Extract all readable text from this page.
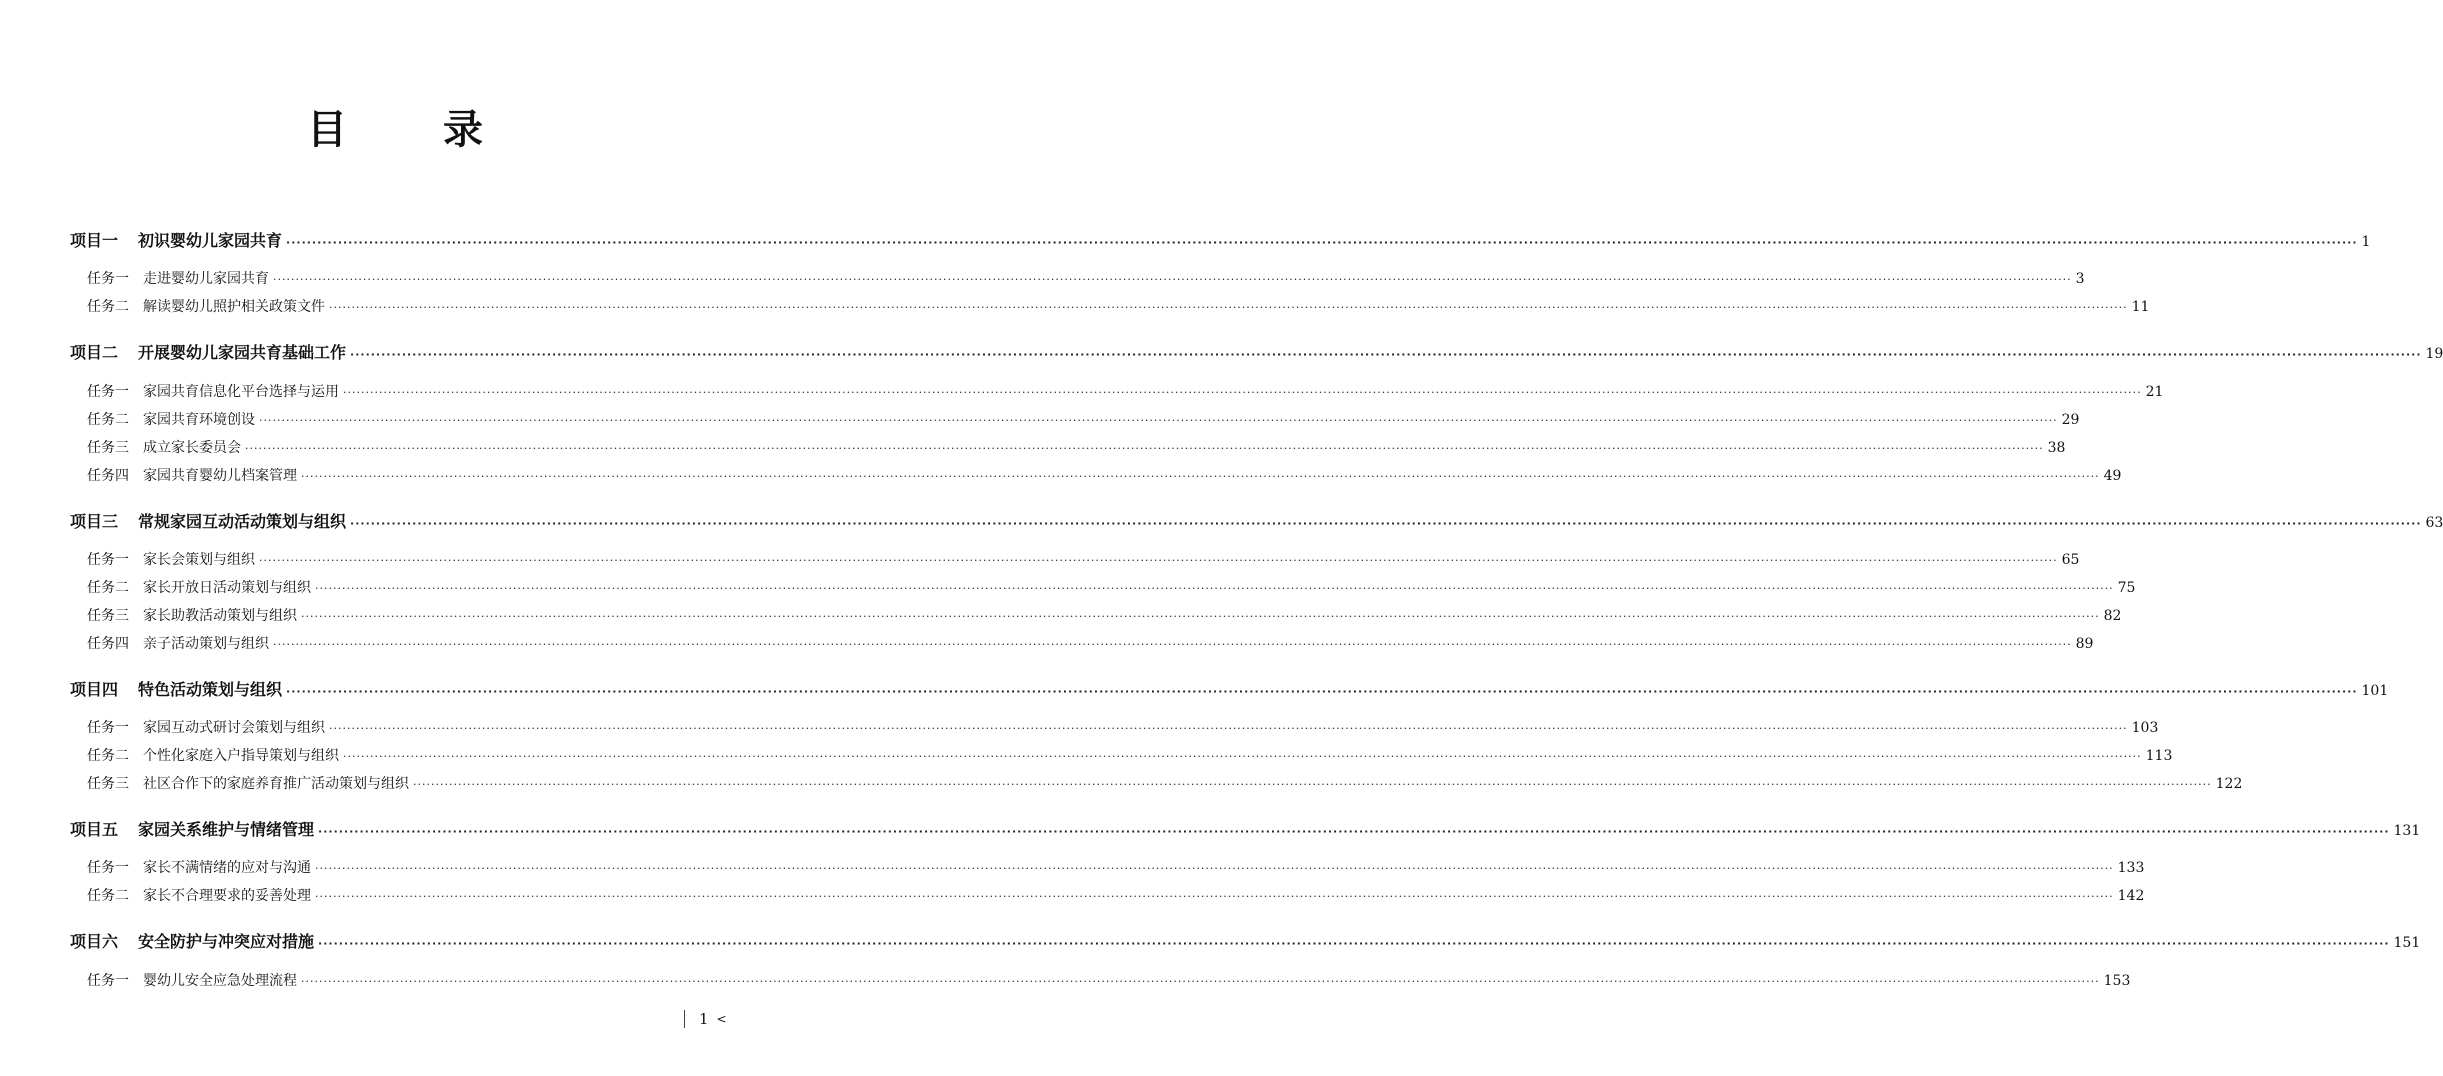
目 录
项目一 初识婴幼儿家园共育 ················································································································································································································································································································································································································ 1
任务一 走进婴幼儿家园共育 ················································································································································································································································································································································································································ 3
任务二 解读婴幼儿照护相关政策文件 ················································································································································································································································································································································································································ 11
项目二 开展婴幼儿家园共育基础工作 ················································································································································································································································································································································································································ 19
任务一 家园共育信息化平台选择与运用 ················································································································································································································································································································································································································ 21
任务二 家园共育环境创设 ················································································································································································································································································································································································································ 29
任务三 成立家长委员会 ················································································································································································································································································································································································································ 38
任务四 家园共育婴幼儿档案管理 ················································································································································································································································································································································································································ 49
项目三 常规家园互动活动策划与组织 ················································································································································································································································································································································································································ 63
任务一 家长会策划与组织 ················································································································································································································································································································································································································ 65
任务二 家长开放日活动策划与组织 ················································································································································································································································································································································································································ 75
任务三 家长助教活动策划与组织 ················································································································································································································································································································································································································ 82
任务四 亲子活动策划与组织 ················································································································································································································································································································································································································ 89
项目四 特色活动策划与组织 ················································································································································································································································································································································································································ 101
任务一 家园互动式研讨会策划与组织 ················································································································································································································································································································································································································ 103
任务二 个性化家庭入户指导策划与组织 ················································································································································································································································································································································································································ 113
任务三 社区合作下的家庭养育推广活动策划与组织 ················································································································································································································································································································································································································ 122
项目五 家园关系维护与情绪管理 ················································································································································································································································································································································································································ 131
任务一 家长不满情绪的应对与沟通 ················································································································································································································································································································································································································ 133
任务二 家长不合理要求的妥善处理 ················································································································································································································································································································································································································ 142
项目六 安全防护与冲突应对措施 ················································································································································································································································································································································································································ 151
任务一 婴幼儿安全应急处理流程 ················································································································································································································································································································································································································ 153
1 <
